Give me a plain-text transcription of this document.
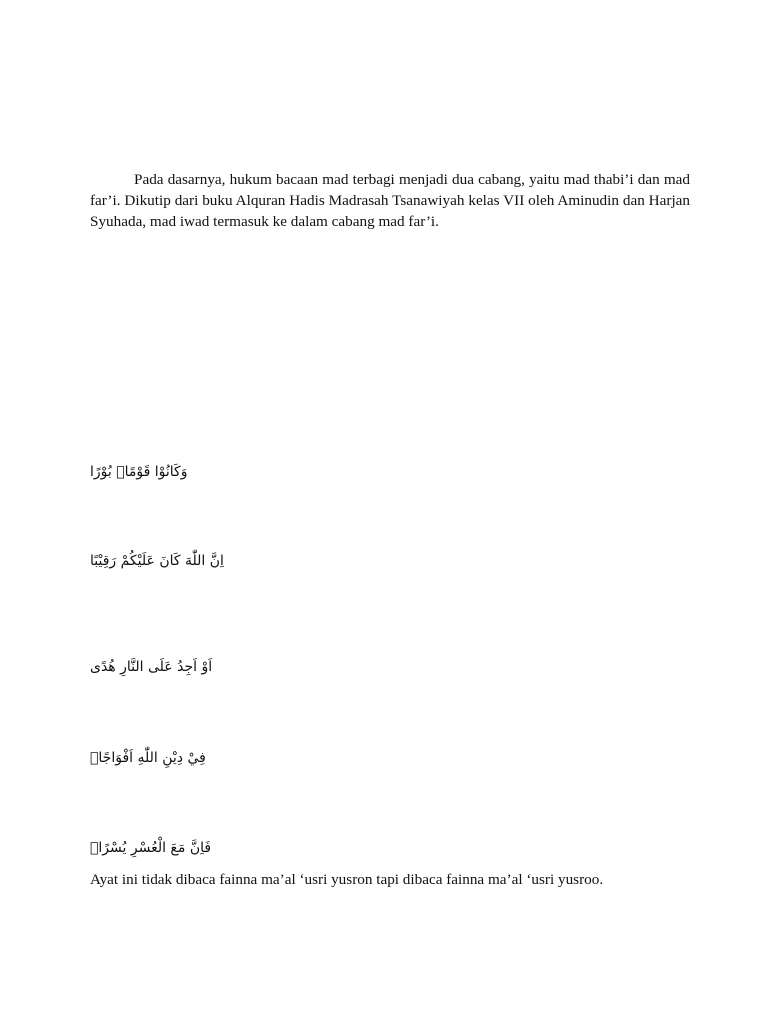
Pada dasarnya, hukum bacaan mad terbagi menjadi dua cabang, yaitu mad thabi’i dan mad far’i. Dikutip dari buku Alquran Hadis Madrasah Tsanawiyah kelas VII oleh Aminudin dan Harjan Syuhada, mad iwad termasuk ke dalam cabang mad far’i.

وَكَانُوْا قَوْمًاۢ بُوْرًا

اِنَّ اللّٰهَ كَانَ عَلَيْكُمْ رَقِيْبًا

اَوْ اَجِدُ عَلَى النَّارِ هُدًى

فِيْ دِيْنِ اللّٰهِ اَفْوَاجًاۙ

فَاِنَّ مَعَ الْعُسْرِ يُسْرًاۙ

Ayat ini tidak dibaca fainna ma’al ‘usri yusron tapi dibaca fainna ma’al ‘usri yusroo.
